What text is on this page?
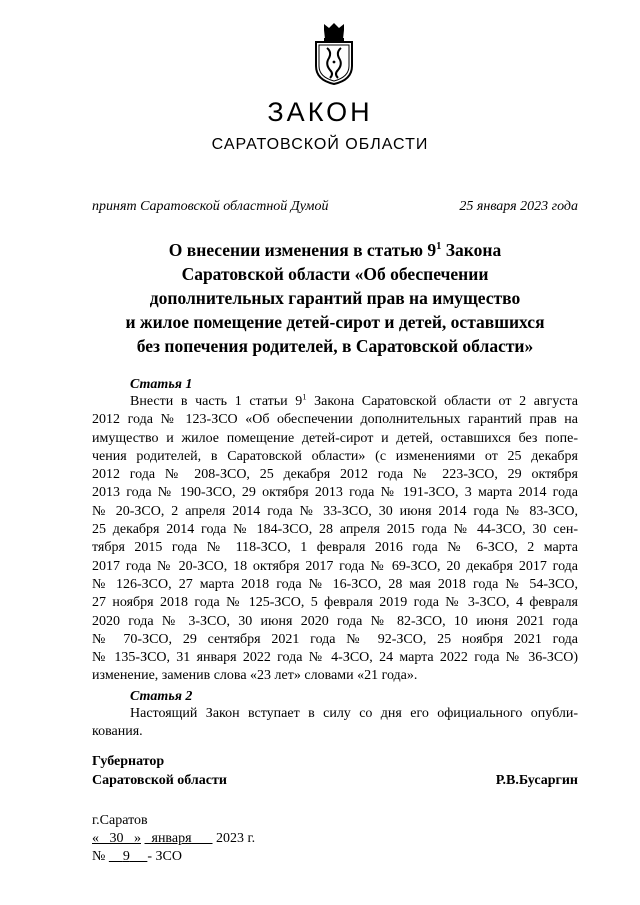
ЗАКОН
САРАТОВСКОЙ ОБЛАСТИ
принят Саратовской областной Думой	25 января 2023 года
О внесении изменения в статью $9^1$ Закона
Саратовской области «Об обеспечении
дополнительных гарантий прав на имущество
и жилое помещение детей-сирот и детей, оставшихся
без попечения родителей, в Саратовской области»
Статья 1
Внести в часть 1 статьи $9^1$ Закона Саратовской области от 2 августа
2012 года № 123-ЗСО «Об обеспечении дополнительных гарантий прав на
имущество и жилое помещение детей-сирот и детей, оставшихся без попе-
чения родителей, в Саратовской области» (с изменениями от 25 декабря
2012 года № 208-ЗСО, 25 декабря 2012 года № 223-ЗСО, 29 октября
2013 года № 190-ЗСО, 29 октября 2013 года № 191-ЗСО, 3 марта 2014 года
№ 20-ЗСО, 2 апреля 2014 года № 33-ЗСО, 30 июня 2014 года № 83-ЗСО,
25 декабря 2014 года № 184-ЗСО, 28 апреля 2015 года № 44-ЗСО, 30 сен-
тября 2015 года № 118-ЗСО, 1 февраля 2016 года № 6-ЗСО, 2 марта
2017 года № 20-ЗСО, 18 октября 2017 года № 69-ЗСО, 20 декабря 2017 года
№ 126-ЗСО, 27 марта 2018 года № 16-ЗСО, 28 мая 2018 года № 54-ЗСО,
27 ноября 2018 года № 125-ЗСО, 5 февраля 2019 года № 3-ЗСО, 4 февраля
2020 года № 3-ЗСО, 30 июня 2020 года № 82-ЗСО, 10 июня 2021 года
№ 70-ЗСО, 29 сентября 2021 года № 92-ЗСО, 25 ноября 2021 года
№ 135-ЗСО, 31 января 2022 года № 4-ЗСО, 24 марта 2022 года № 36-ЗСО)
изменение, заменив слова «23 лет» словами «21 года».
Статья 2
Настоящий Закон вступает в силу со дня его официального опубли-
кования.
Губернатор
Саратовской области	Р.В.Бусаргин
г.Саратов
« 30 » января 2023 г.
№ 9 - ЗСО
